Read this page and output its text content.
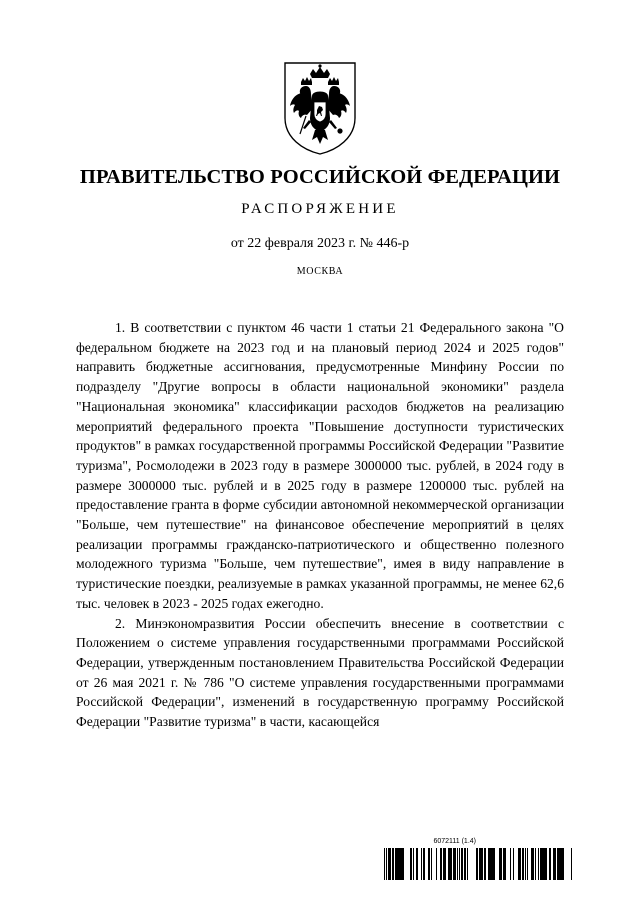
ПРАВИТЕЛЬСТВО РОССИЙСКОЙ ФЕДЕРАЦИИ
РАСПОРЯЖЕНИЕ
от 22 февраля 2023 г. № 446-р
МОСКВА

1. В соответствии с пунктом 46 части 1 статьи 21 Федерального закона "О федеральном бюджете на 2023 год и на плановый период 2024 и 2025 годов" направить бюджетные ассигнования, предусмотренные Минфину России по подразделу "Другие вопросы в области национальной экономики" раздела "Национальная экономика" классификации расходов бюджетов на реализацию мероприятий федерального проекта "Повышение доступности туристических продуктов" в рамках государственной программы Российской Федерации "Развитие туризма", Росмолодежи в 2023 году в размере 3000000 тыс. рублей, в 2024 году в размере 3000000 тыс. рублей и в 2025 году в размере 1200000 тыс. рублей на предоставление гранта в форме субсидии автономной некоммерческой организации "Больше, чем путешествие" на финансовое обеспечение мероприятий в целях реализации программы гражданско-патриотического и общественно полезного молодежного туризма "Больше, чем путешествие", имея в виду направление в туристические поездки, реализуемые в рамках указанной программы, не менее 62,6 тыс. человек в 2023 - 2025 годах ежегодно.

2. Минэкономразвития России обеспечить внесение в соответствии с Положением о системе управления государственными программами Российской Федерации, утвержденным постановлением Правительства Российской Федерации от 26 мая 2021 г. № 786 "О системе управления государственными программами Российской Федерации", изменений в государственную программу Российской Федерации "Развитие туризма" в части, касающейся

6072111 (1.4)
